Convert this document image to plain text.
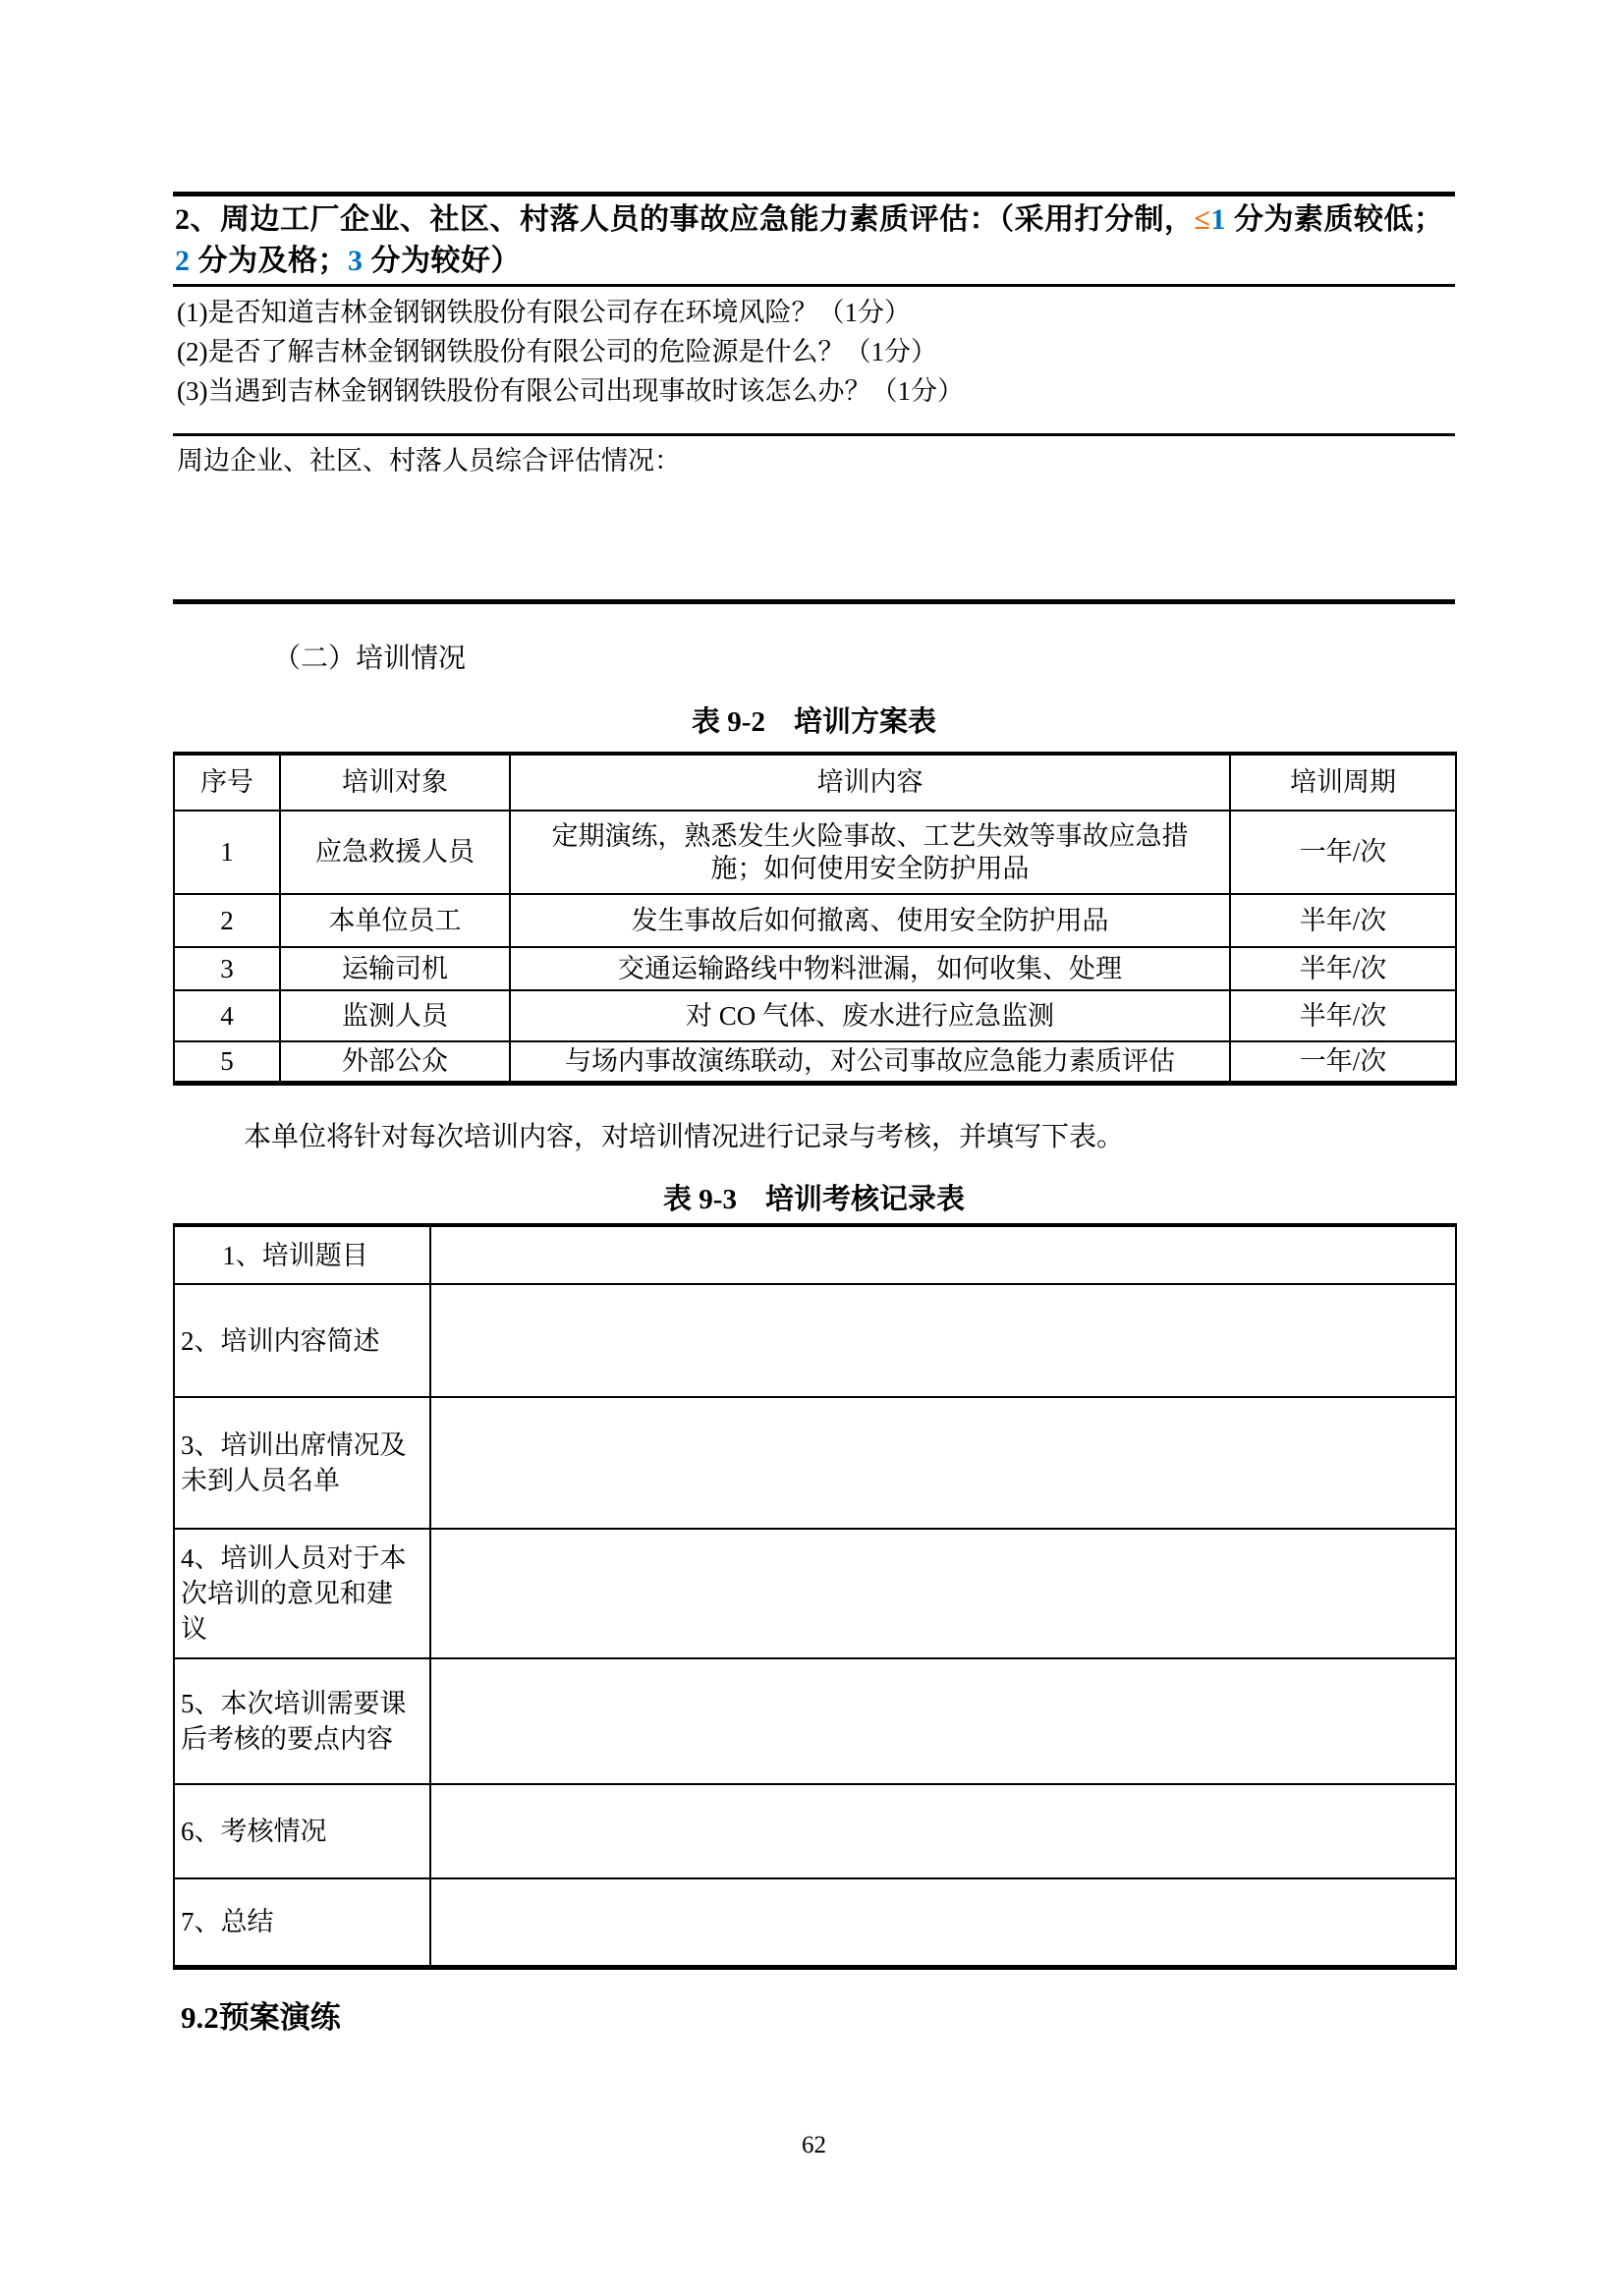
2、周边工厂企业、社区、村落人员的事故应急能力素质评估：（采用打分制，≤1 分为素质较低；2 分为及格；3 分为较好）
(1)是否知道吉林金钢钢铁股份有限公司存在环境风险？（1分）
(2)是否了解吉林金钢钢铁股份有限公司的危险源是什么？（1分）
(3)当遇到吉林金钢钢铁股份有限公司出现事故时该怎么办？（1分）
周边企业、社区、村落人员综合评估情况：
（二）培训情况
表 9-2　培训方案表
序号	培训对象	培训内容	培训周期
1	应急救援人员	定期演练，熟悉发生火险事故、工艺失效等事故应急措施；如何使用安全防护用品	一年/次
2	本单位员工	发生事故后如何撤离、使用安全防护用品	半年/次
3	运输司机	交通运输路线中物料泄漏，如何收集、处理	半年/次
4	监测人员	对 CO 气体、废水进行应急监测	半年/次
5	外部公众	与场内事故演练联动，对公司事故应急能力素质评估	一年/次
本单位将针对每次培训内容，对培训情况进行记录与考核，并填写下表。
表 9-3　培训考核记录表
1、培训题目	
2、培训内容简述	
3、培训出席情况及未到人员名单	
4、培训人员对于本次培训的意见和建议	
5、本次培训需要课后考核的要点内容	
6、考核情况	
7、总结	
9.2预案演练
62
